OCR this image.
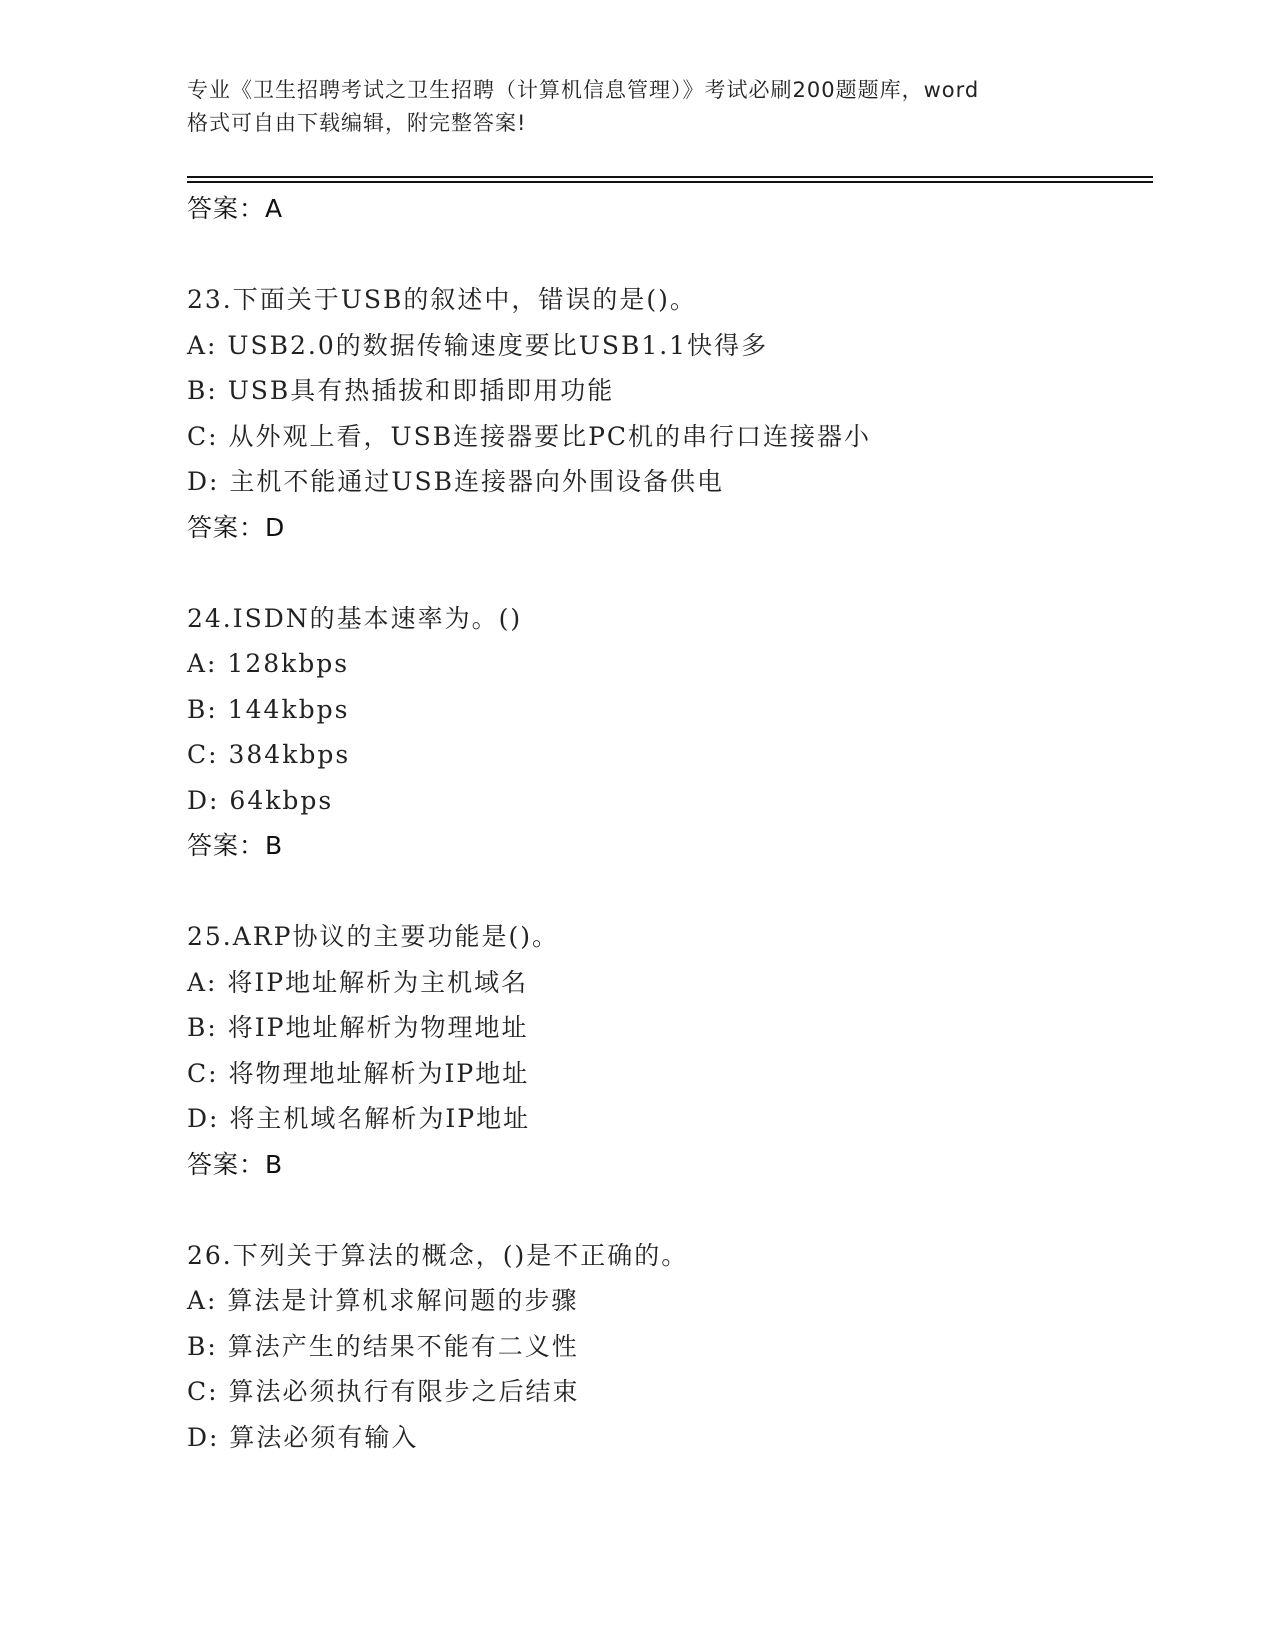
专业《卫生招聘考试之卫生招聘（计算机信息管理）》考试必刷200题题库，word
格式可自由下载编辑，附完整答案!
答案：A
23.下面关于USB的叙述中，错误的是()。
A: USB2.0的数据传输速度要比USB1.1快得多
B: USB具有热插拔和即插即用功能
C: 从外观上看，USB连接器要比PC机的串行口连接器小
D: 主机不能通过USB连接器向外围设备供电
答案：D
24.ISDN的基本速率为。()
A: 128kbps
B: 144kbps
C: 384kbps
D: 64kbps
答案：B
25.ARP协议的主要功能是()。
A: 将IP地址解析为主机域名
B: 将IP地址解析为物理地址
C: 将物理地址解析为IP地址
D: 将主机域名解析为IP地址
答案：B
26.下列关于算法的概念，()是不正确的。
A: 算法是计算机求解问题的步骤
B: 算法产生的结果不能有二义性
C: 算法必须执行有限步之后结束
D: 算法必须有输入
